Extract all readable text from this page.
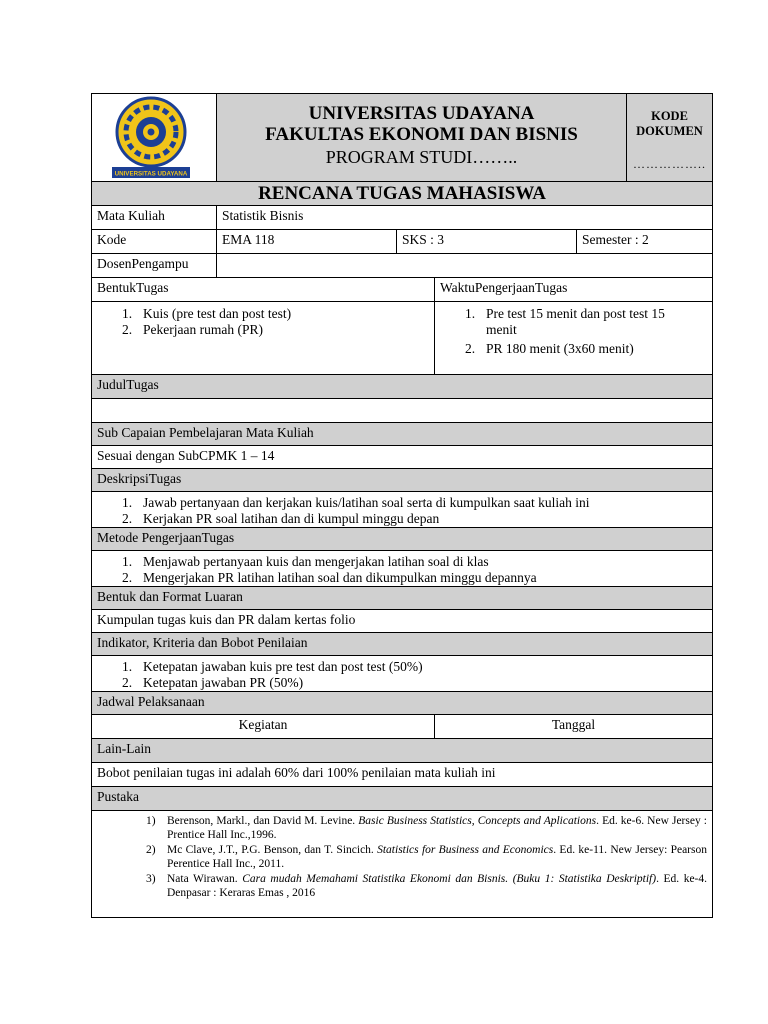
UNIVERSITAS UDAYANA
UNIVERSITAS UDAYANA
FAKULTAS EKONOMI DAN BISNIS
PROGRAM STUDI……..
KODE
DOKUMEN
……………..
RENCANA TUGAS MAHASISWA
Mata Kuliah	Statistik Bisnis
Kode	EMA 118	SKS : 3	Semester : 2
DosenPengampu
BentukTugas	WaktuPengerjaanTugas
1. Kuis (pre test dan post test)
2. Pekerjaan rumah (PR)
1. Pre test 15 menit dan post test 15 menit
2. PR 180 menit (3x60 menit)
JudulTugas
Sub Capaian Pembelajaran Mata Kuliah
Sesuai dengan SubCPMK 1 – 14
DeskripsiTugas
1. Jawab pertanyaan dan kerjakan kuis/latihan soal serta di kumpulkan saat kuliah ini
2. Kerjakan PR soal latihan dan di kumpul minggu depan
Metode PengerjaanTugas
1. Menjawab pertanyaan kuis dan mengerjakan latihan soal di klas
2. Mengerjakan PR latihan latihan soal dan dikumpulkan minggu depannya
Bentuk dan Format Luaran
Kumpulan tugas kuis dan PR dalam kertas folio
Indikator, Kriteria dan Bobot Penilaian
1. Ketepatan jawaban kuis pre test dan post test (50%)
2. Ketepatan jawaban PR (50%)
Jadwal Pelaksanaan
Kegiatan	Tanggal
Lain-Lain
Bobot penilaian tugas ini adalah 60% dari 100% penilaian mata kuliah ini
Pustaka
1) Berenson, Markl., dan David M. Levine. Basic Business Statistics, Concepts and Aplications. Ed. ke-6. New Jersey : Prentice Hall Inc.,1996.
2) Mc Clave, J.T., P.G. Benson, dan T. Sincich. Statistics for Business and Economics. Ed. ke-11. New Jersey: Pearson Perentice Hall Inc., 2011.
3) Nata Wirawan. Cara mudah Memahami Statistika Ekonomi dan Bisnis. (Buku 1: Statistika Deskriptif). Ed. ke-4. Denpasar : Keraras Emas , 2016
